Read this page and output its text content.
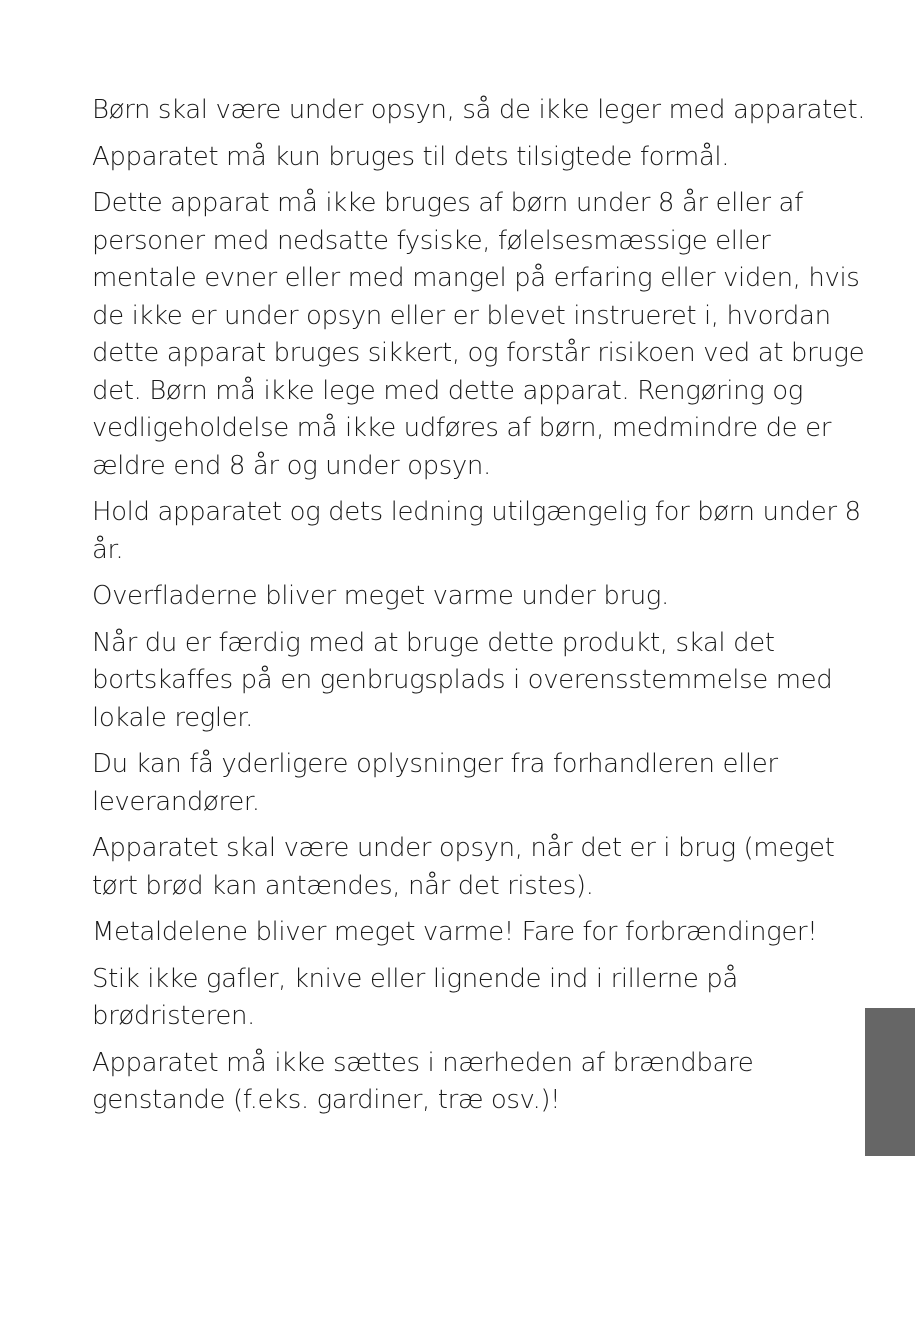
Børn skal være under opsyn, så de ikke leger med apparatet.

Apparatet må kun bruges til dets tilsigtede formål.

Dette apparat må ikke bruges af børn under 8 år eller af personer med nedsatte fysiske, følelsesmæssige eller mentale evner eller med mangel på erfaring eller viden, hvis de ikke er under opsyn eller er blevet instrueret i, hvordan dette apparat bruges sikkert, og forstår risikoen ved at bruge det. Børn må ikke lege med dette apparat. Rengøring og vedligeholdelse må ikke udføres af børn, medmindre de er ældre end 8 år og under opsyn.

Hold apparatet og dets ledning utilgængelig for børn under 8 år.

Overfladerne bliver meget varme under brug.

Når du er færdig med at bruge dette produkt, skal det bortskaffes på en genbrugsplads i overensstemmelse med lokale regler.

Du kan få yderligere oplysninger fra forhandleren eller leverandører.

Apparatet skal være under opsyn, når det er i brug (meget tørt brød kan antændes, når det ristes).

Metaldelene bliver meget varme! Fare for forbrændinger!

Stik ikke gafler, knive eller lignende ind i rillerne på brødristeren.

Apparatet må ikke sættes i nærheden af brændbare genstande (f.eks. gardiner, træ osv.)!
